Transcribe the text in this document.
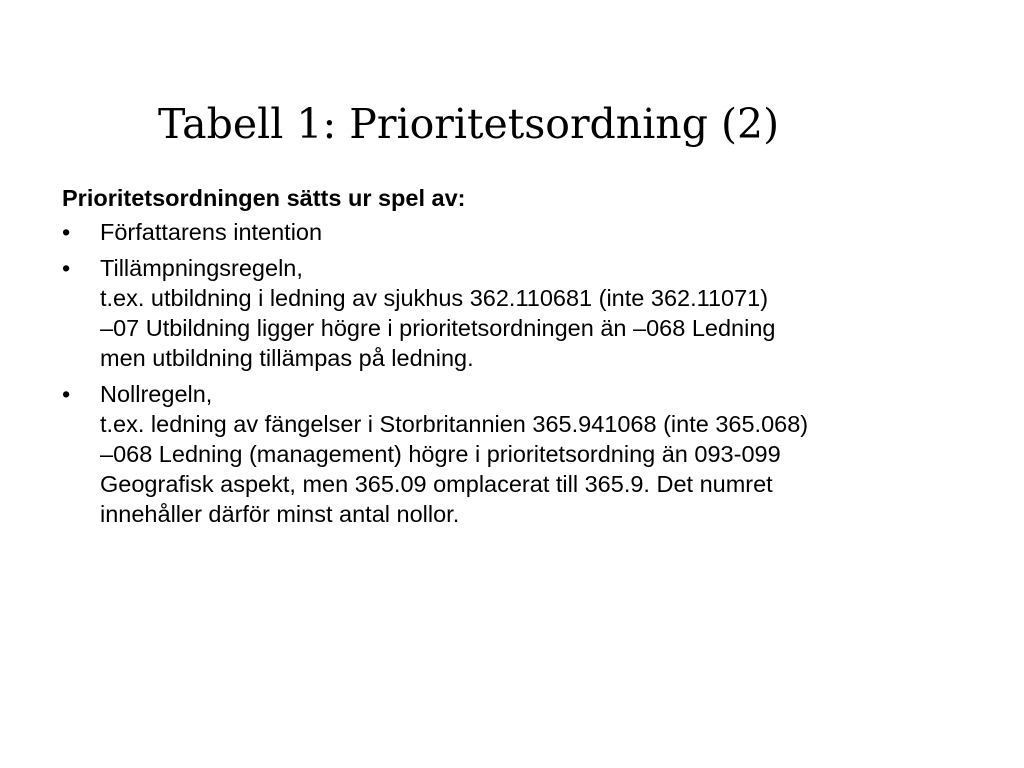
Tabell 1: Prioritetsordning (2)

Prioritetsordningen sätts ur spel av:

•	Författarens intention
•	Tillämpningsregeln,
t.ex. utbildning i ledning av sjukhus 362.110681 (inte 362.11071)
–07 Utbildning ligger högre i prioritetsordningen än –068 Ledning
men utbildning tillämpas på ledning.
•	Nollregeln,
t.ex. ledning av fängelser i Storbritannien 365.941068 (inte 365.068)
–068 Ledning (management) högre i prioritetsordning än 093-099
Geografisk aspekt, men 365.09 omplacerat till 365.9. Det numret
innehåller därför minst antal nollor.
